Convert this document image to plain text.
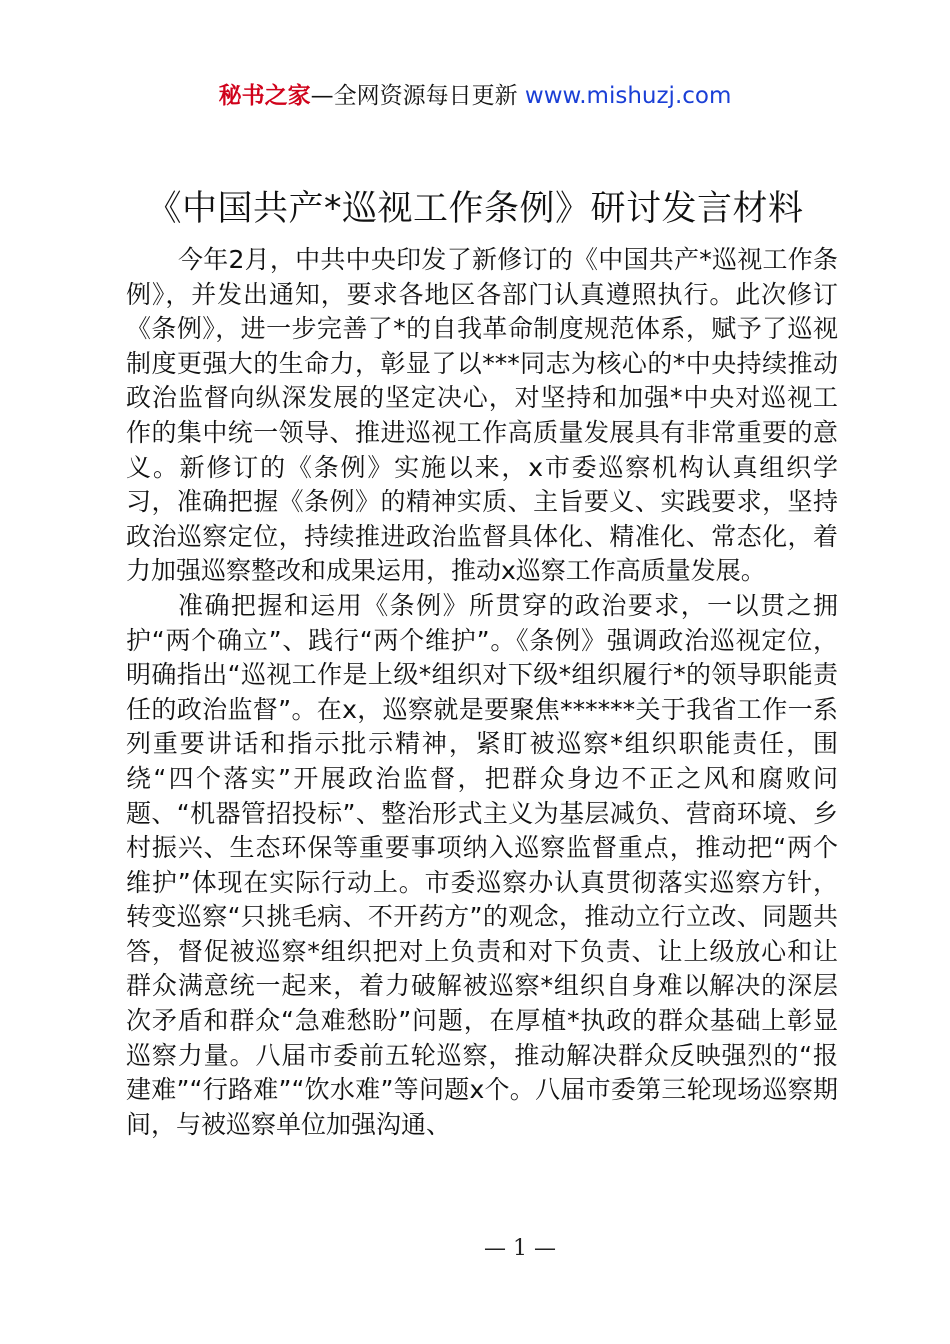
秘书之家—全网资源每日更新 www.mishuzj.com
《中国共产*巡视工作条例》研讨发言材料

今年2月，中共中央印发了新修订的《中国共产*巡视工作条例》，并发出通知，要求各地区各部门认真遵照执行。此次修订《条例》，进一步完善了*的自我革命制度规范体系，赋予了巡视制度更强大的生命力，彰显了以***同志为核心的*中央持续推动政治监督向纵深发展的坚定决心，对坚持和加强*中央对巡视工作的集中统一领导、推进巡视工作高质量发展具有非常重要的意义。新修订的《条例》实施以来，x市委巡察机构认真组织学习，准确把握《条例》的精神实质、主旨要义、实践要求，坚持政治巡察定位，持续推进政治监督具体化、精准化、常态化，着力加强巡察整改和成果运用，推动x巡察工作高质量发展。

准确把握和运用《条例》所贯穿的政治要求，一以贯之拥护“两个确立”、践行“两个维护”。《条例》强调政治巡视定位，明确指出“巡视工作是上级*组织对下级*组织履行*的领导职能责任的政治监督”。在x，巡察就是要聚焦******关于我省工作一系列重要讲话和指示批示精神，紧盯被巡察*组织职能责任，围绕“四个落实”开展政治监督，把群众身边不正之风和腐败问题、“机器管招投标”、整治形式主义为基层减负、营商环境、乡村振兴、生态环保等重要事项纳入巡察监督重点，推动把“两个维护”体现在实际行动上。市委巡察办认真贯彻落实巡察方针，转变巡察“只挑毛病、不开药方”的观念，推动立行立改、同题共答，督促被巡察*组织把对上负责和对下负责、让上级放心和让群众满意统一起来，着力破解被巡察*组织自身难以解决的深层次矛盾和群众“急难愁盼”问题，在厚植*执政的群众基础上彰显巡察力量。八届市委前五轮巡察，推动解决群众反映强烈的“报建难”“行路难”“饮水难”等问题x个。八届市委第三轮现场巡察期间，与被巡察单位加强沟通、

— 1 —
